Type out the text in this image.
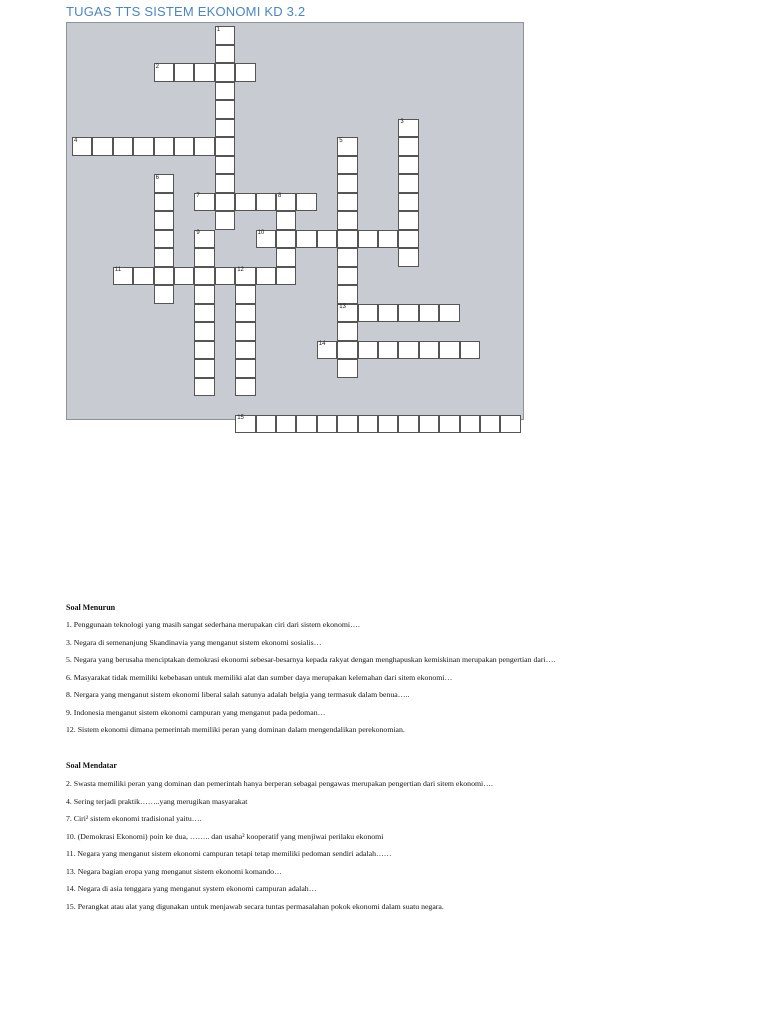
TUGAS TTS SISTEM EKONOMI KD 3.2
1
2
3
4	5
13
6
7	8
9	10
11	12
14
15
Soal Menurun
1. Penggunaan teknologi yang masih sangat sederhana merupakan ciri dari sistem ekonomi….
3. Negara di semenanjung Skandinavia yang menganut sistem ekonomi sosialis…
5. Negara yang berusaha menciptakan demokrasi ekonomi sebesar-besarnya kepada rakyat dengan menghapuskan kemiskinan merupakan pengertian dari….
6. Masyarakat tidak memiliki kebebasan untuk memiliki alat dan sumber daya merupakan kelemahan dari sitem ekonomi…
8. Nergara yang menganut sistem ekonomi liberal salah satunya adalah belgia yang termasuk dalam benua…..
9. Indonesia menganut sistem ekonomi campuran yang menganut pada pedoman…
12. Sistem ekonomi dimana pemerintah memiliki peran yang dominan dalam mengendalikan perekonomian.
Soal Mendatar
2. Swasta memiliki peran yang dominan dan pemerintah hanya berperan sebagai pengawas merupakan pengertian dari sitem ekonomi….
4. Sering terjadi praktik……..yang merugikan masyarakat
7. Ciri² sistem ekonomi tradisional yaitu….
10. (Demokrasi Ekonomi) poin ke dua, …….. dan usaha² kooperatif yang menjiwai perilaku ekonomi
11. Negara yang menganut sistem ekonomi campuran tetapi tetap memiliki pedoman sendiri adalah……
13. Negara bagian eropa yang menganut sistem ekonomi komando…
14. Negara di asia tenggara yang menganut system ekonomi campuran adalah…
15. Perangkat atau alat yang digunakan untuk menjawab secara tuntas permasalahan pokok ekonomi dalam suatu negara.
